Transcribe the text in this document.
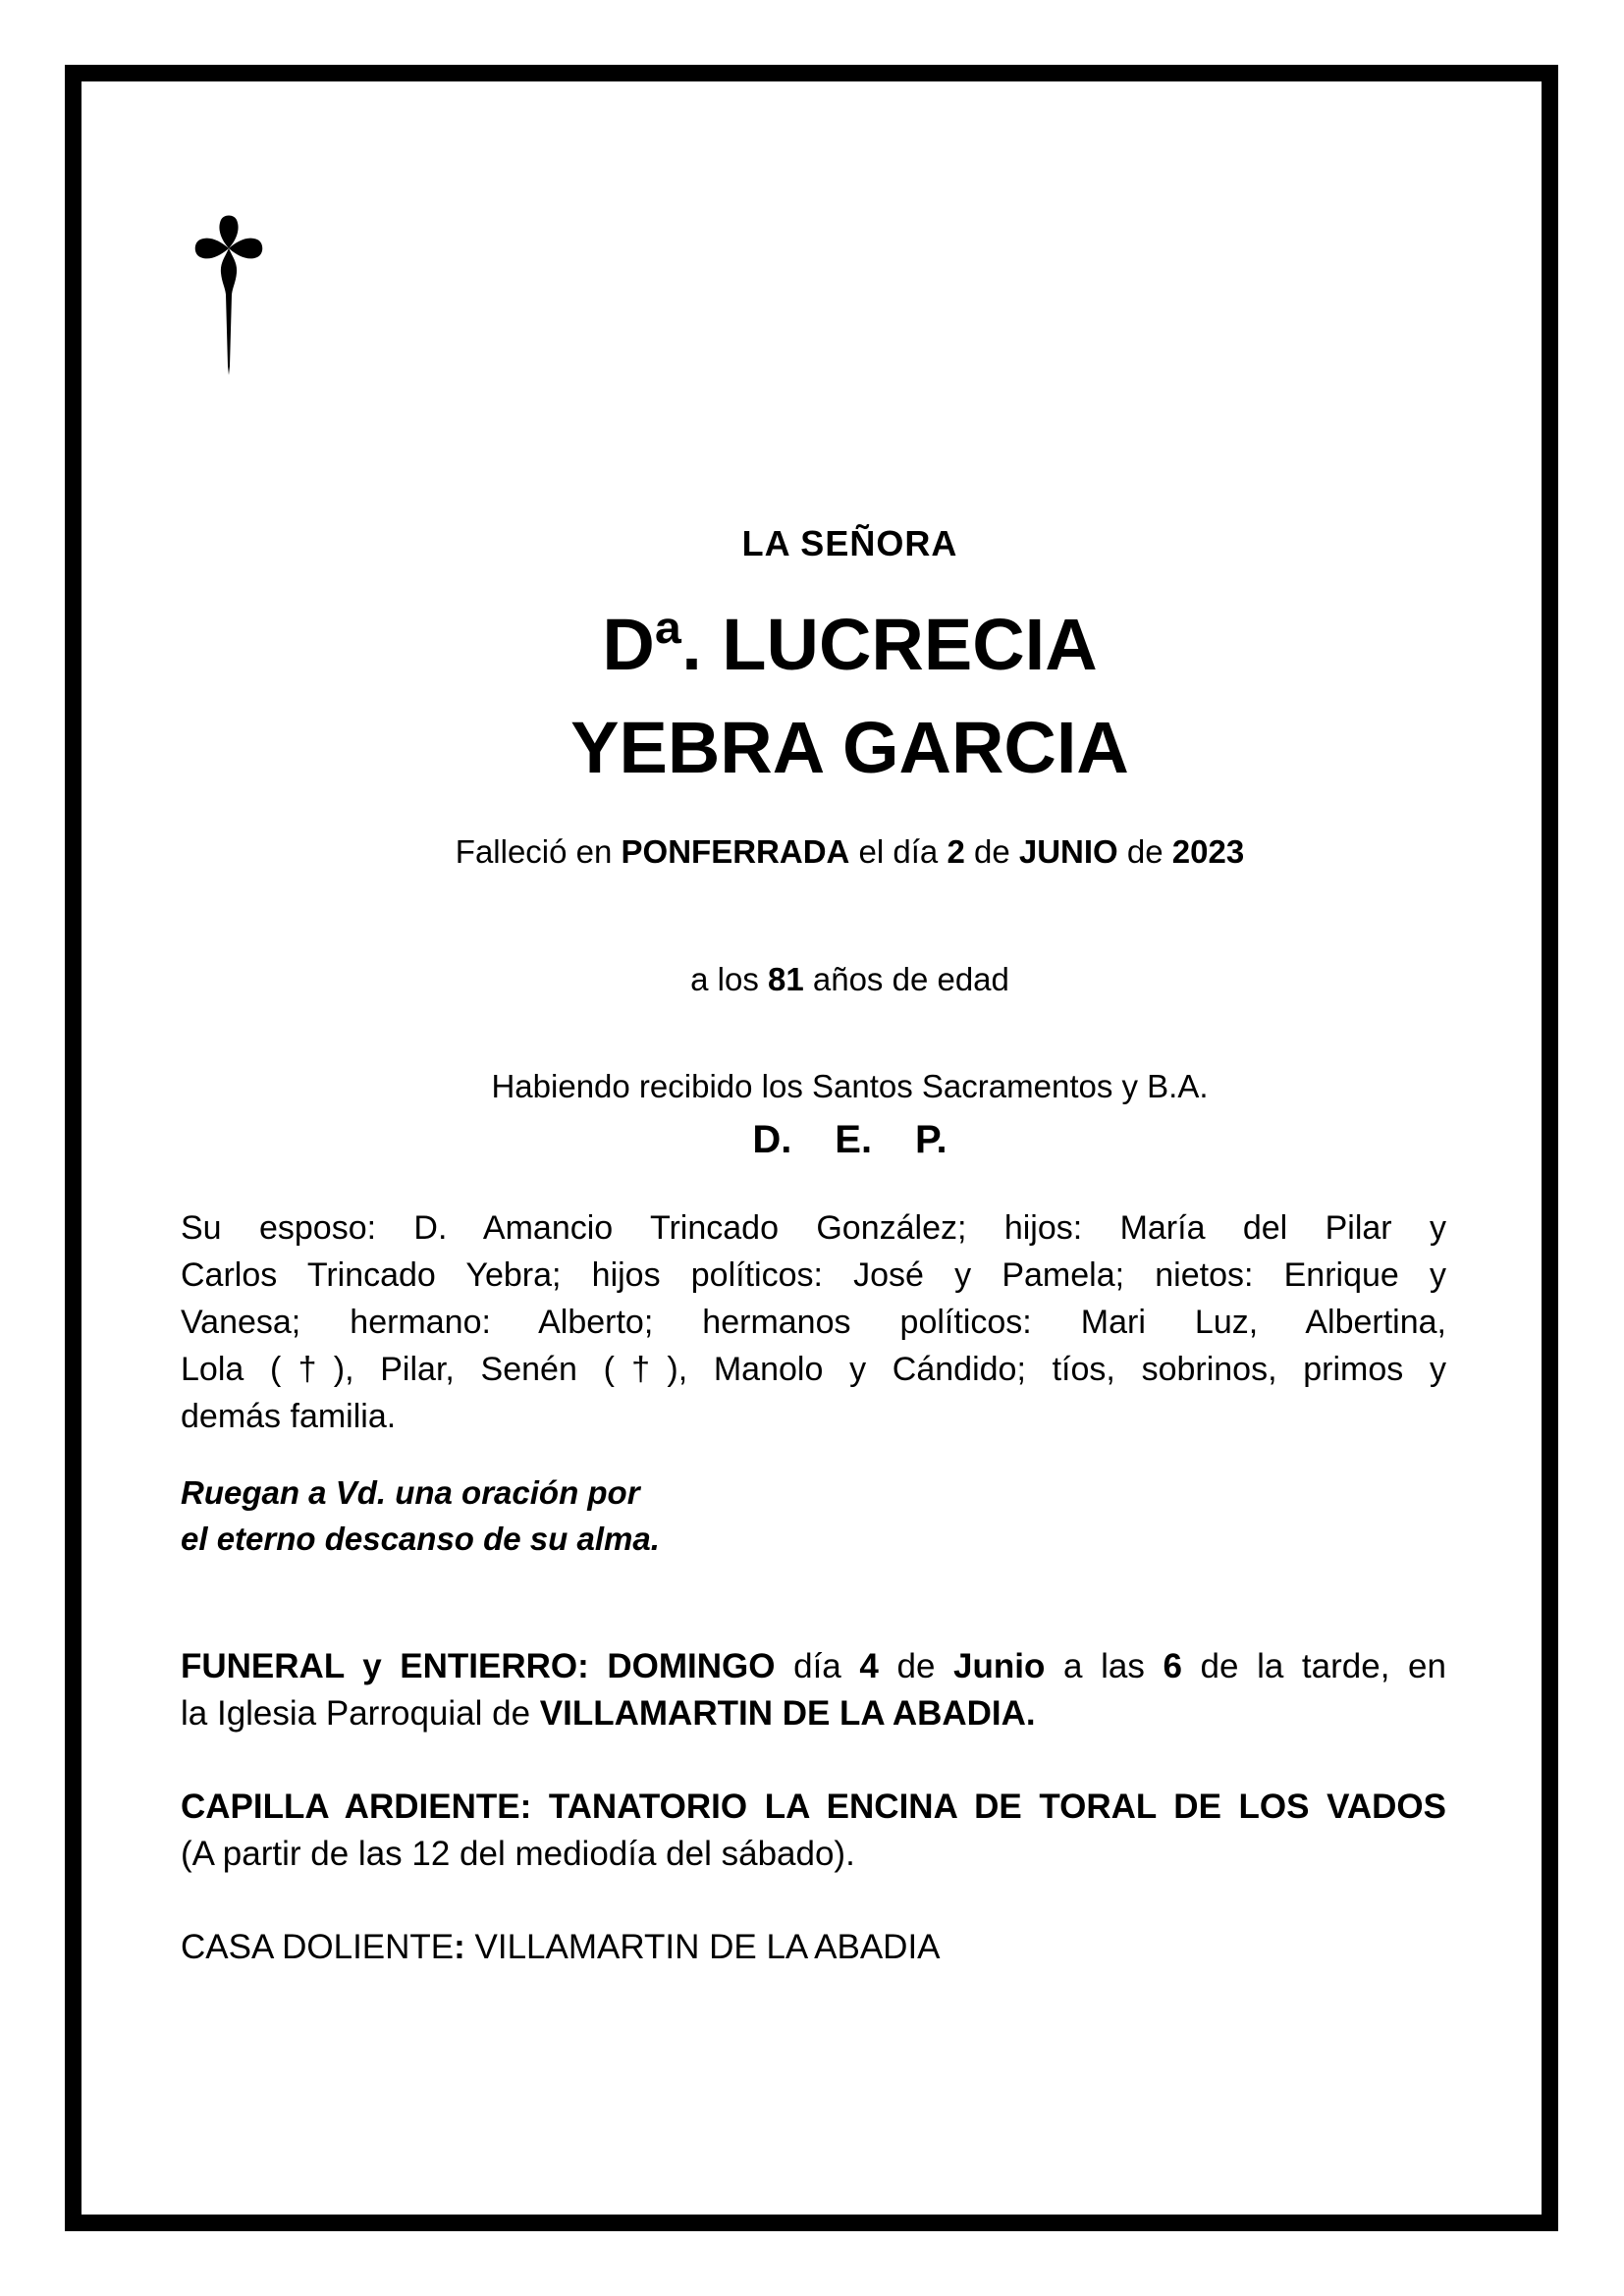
LA SEÑORA
Dª. LUCRECIA
YEBRA GARCIA
Falleció en PONFERRADA el día 2 de JUNIO de 2023
a los 81 años de edad
Habiendo recibido los Santos Sacramentos y B.A.
D. E. P.
Su esposo: D. Amancio Trincado González; hijos: María del Pilar y
Carlos Trincado Yebra; hijos políticos: José y Pamela; nietos: Enrique y
Vanesa; hermano: Alberto; hermanos políticos: Mari Luz, Albertina,
Lola (†), Pilar, Senén (†), Manolo y Cándido; tíos, sobrinos, primos y
demás familia.
Ruegan a Vd. una oración por
el eterno descanso de su alma.
FUNERAL y ENTIERRO: DOMINGO día 4 de Junio a las 6 de la tarde, en
la Iglesia Parroquial de VILLAMARTIN DE LA ABADIA.
CAPILLA ARDIENTE: TANATORIO LA ENCINA DE TORAL DE LOS VADOS
(A partir de las 12 del mediodía del sábado).
CASA DOLIENTE: VILLAMARTIN DE LA ABADIA
